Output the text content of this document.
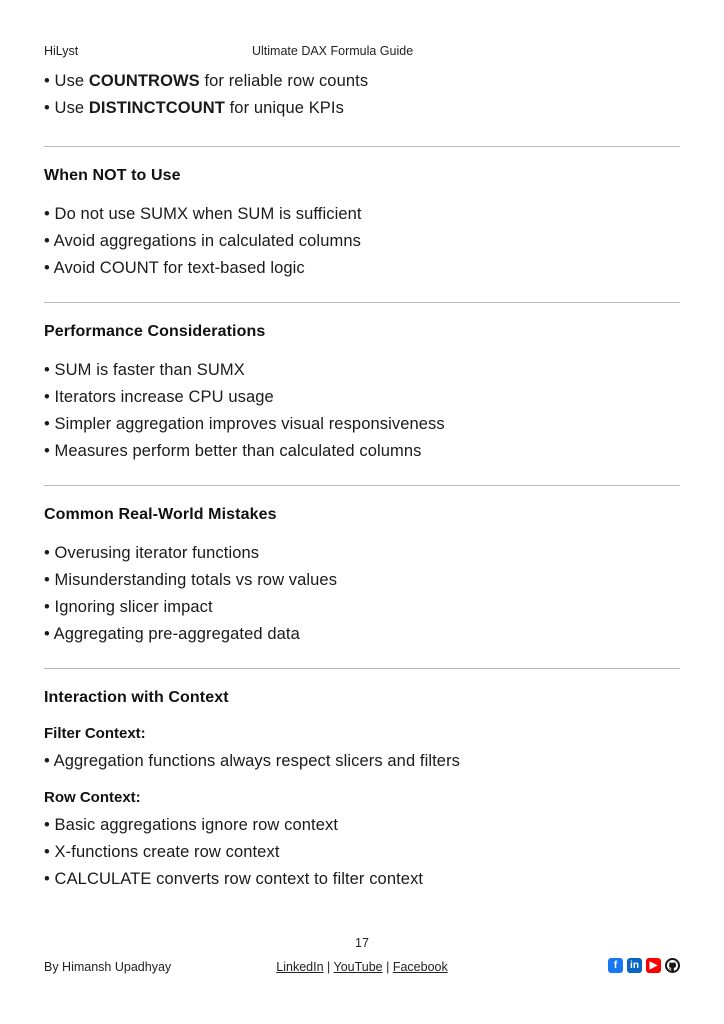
HiLyst	Ultimate DAX Formula Guide

• Use COUNTROWS for reliable row counts

• Use DISTINCTCOUNT for unique KPIs

When NOT to Use

• Do not use SUMX when SUM is sufficient

• Avoid aggregations in calculated columns

• Avoid COUNT for text-based logic

Performance Considerations

• SUM is faster than SUMX

• Iterators increase CPU usage

• Simpler aggregation improves visual responsiveness

• Measures perform better than calculated columns

Common Real-World Mistakes

• Overusing iterator functions

• Misunderstanding totals vs row values

• Ignoring slicer impact

• Aggregating pre-aggregated data

Interaction with Context
Filter Context:

• Aggregation functions always respect slicers and filters

Row Context:

• Basic aggregations ignore row context

• X-functions create row context

• CALCULATE converts row context to filter context

17
By Himansh Upadhyay	LinkedIn | YouTube | Facebook	f	in	▶
